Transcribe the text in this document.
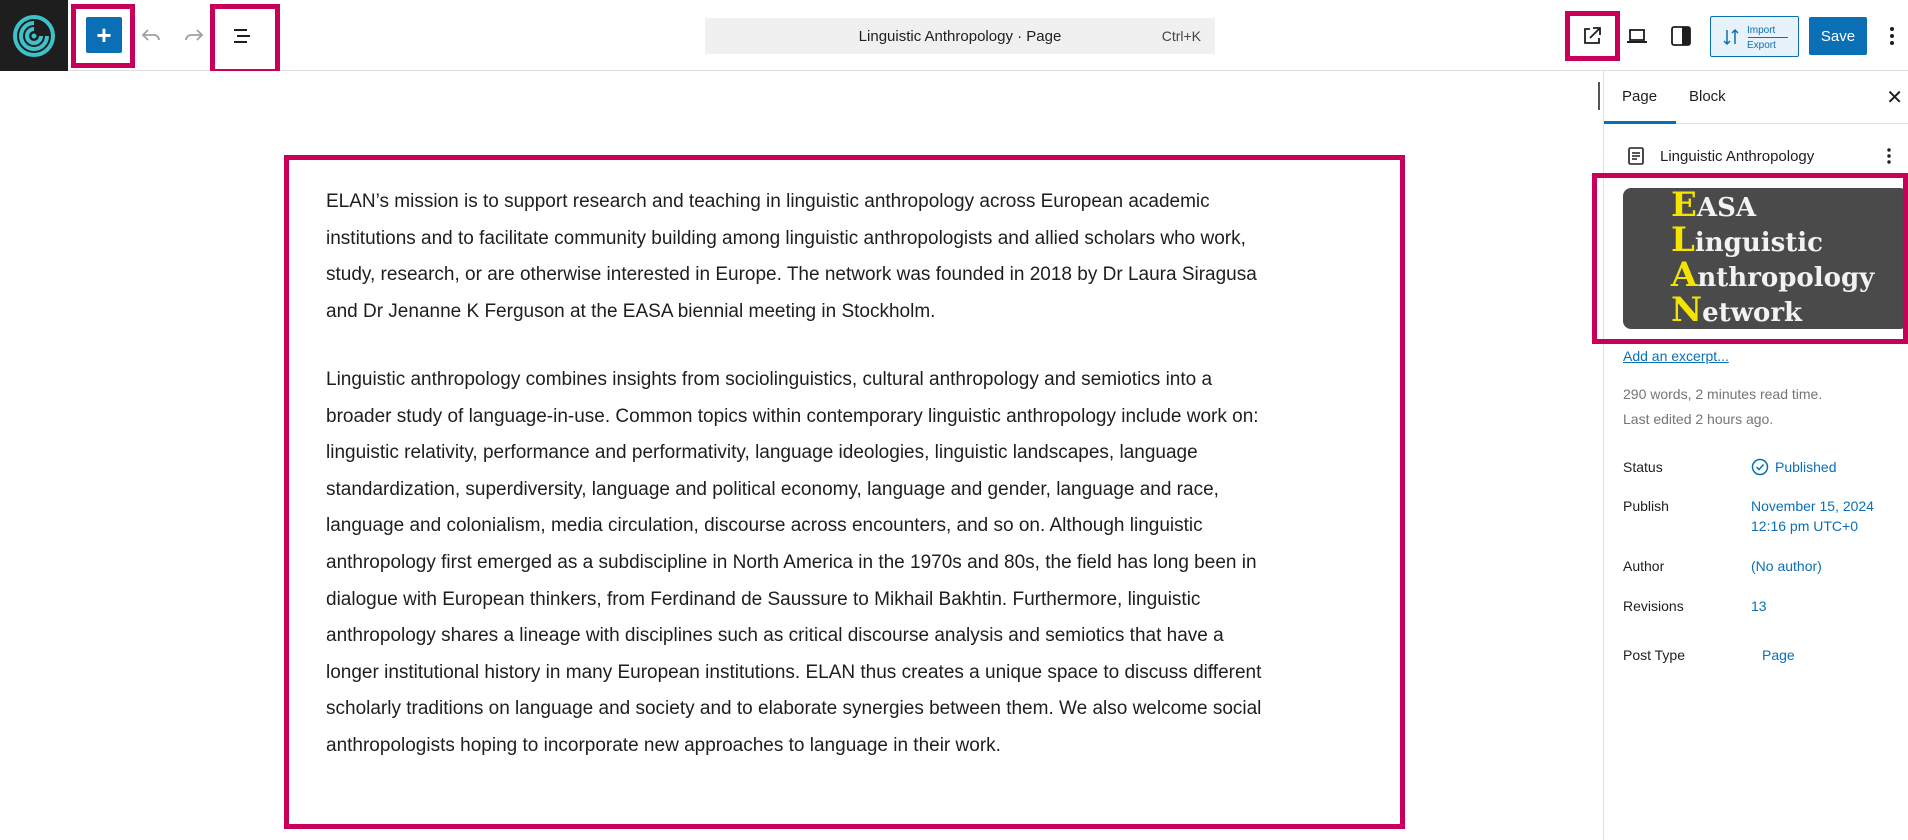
+	Linguistic Anthropology · Page	Ctrl+K	Import
Export
Save

ELAN’s mission is to support research and teaching in linguistic anthropology across European academic institutions and to facilitate community building among linguistic anthropologists and allied scholars who work, study, research, or are otherwise interested in Europe. The network was founded in 2018 by Dr Laura Siragusa and Dr Jenanne K Ferguson at the EASA biennial meeting in Stockholm.

Linguistic anthropology combines insights from sociolinguistics, cultural anthropology and semiotics into a broader study of language-in-use. Common topics within contemporary linguistic anthropology include work on: linguistic relativity, performance and performativity, language ideologies, linguistic landscapes, language standardization, superdiversity, language and political economy, language and gender, language and race, language and colonialism, media circulation, discourse across encounters, and so on. Although linguistic anthropology first emerged as a subdiscipline in North America in the 1970s and 80s, the field has long been in dialogue with European thinkers, from Ferdinand de Saussure to Mikhail Bakhtin. Furthermore, linguistic anthropology shares a lineage with disciplines such as critical discourse analysis and semiotics that have a longer institutional history in many European institutions. ELAN thus creates a unique space to discuss different scholarly traditions on language and society and to elaborate synergies between them. We also welcome social anthropologists hoping to incorporate new approaches to language in their work.

Page Block	✕
Linguistic Anthropology
EASA
Linguistic
Anthropology
Network
Add an excerpt...
290 words, 2 minutes read time.
Last edited 2 hours ago.
Status	Published
Publish	November 15, 2024
12:16 pm UTC+0
Author	(No author)
Revisions	13
Post Type	Page
